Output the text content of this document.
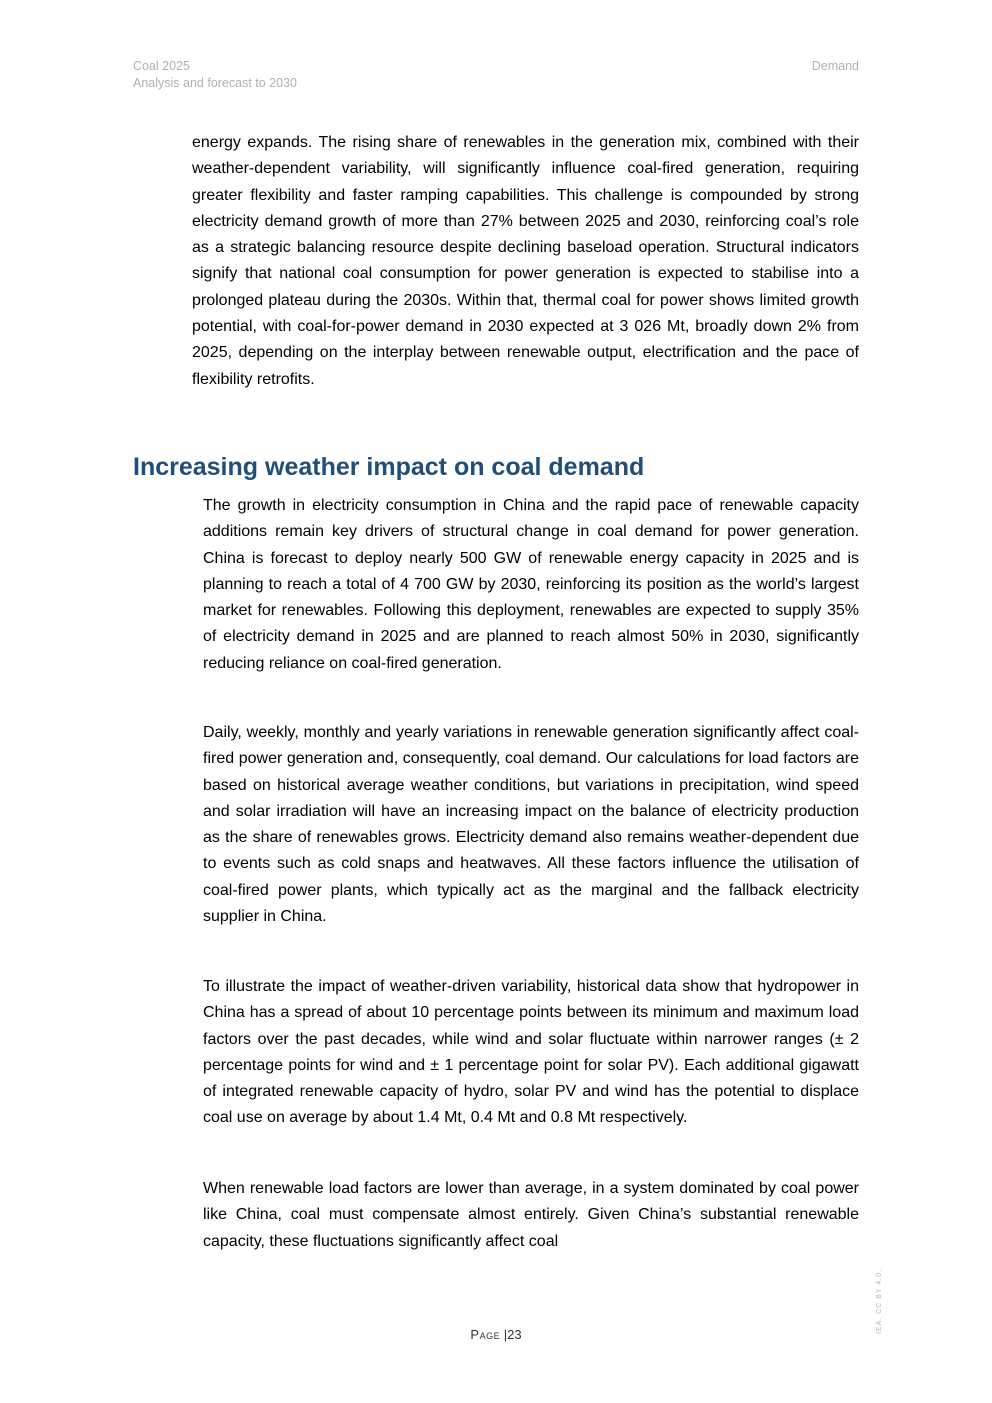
Coal 2025
Analysis and forecast to 2030
Demand

energy expands. The rising share of renewables in the generation mix, combined with their weather-dependent variability, will significantly influence coal-fired generation, requiring greater flexibility and faster ramping capabilities. This challenge is compounded by strong electricity demand growth of more than 27% between 2025 and 2030, reinforcing coal’s role as a strategic balancing resource despite declining baseload operation. Structural indicators signify that national coal consumption for power generation is expected to stabilise into a prolonged plateau during the 2030s. Within that, thermal coal for power shows limited growth potential, with coal-for-power demand in 2030 expected at 3 026 Mt, broadly down 2% from 2025, depending on the interplay between renewable output, electrification and the pace of flexibility retrofits.

Increasing weather impact on coal demand

The growth in electricity consumption in China and the rapid pace of renewable capacity additions remain key drivers of structural change in coal demand for power generation. China is forecast to deploy nearly 500 GW of renewable energy capacity in 2025 and is planning to reach a total of 4 700 GW by 2030, reinforcing its position as the world’s largest market for renewables. Following this deployment, renewables are expected to supply 35% of electricity demand in 2025 and are planned to reach almost 50% in 2030, significantly reducing reliance on coal-fired generation.

Daily, weekly, monthly and yearly variations in renewable generation significantly affect coal-fired power generation and, consequently, coal demand. Our calculations for load factors are based on historical average weather conditions, but variations in precipitation, wind speed and solar irradiation will have an increasing impact on the balance of electricity production as the share of renewables grows. Electricity demand also remains weather-dependent due to events such as cold snaps and heatwaves. All these factors influence the utilisation of coal-fired power plants, which typically act as the marginal and the fallback electricity supplier in China.

To illustrate the impact of weather-driven variability, historical data show that hydropower in China has a spread of about 10 percentage points between its minimum and maximum load factors over the past decades, while wind and solar fluctuate within narrower ranges (± 2 percentage points for wind and ± 1 percentage point for solar PV). Each additional gigawatt of integrated renewable capacity of hydro, solar PV and wind has the potential to displace coal use on average by about 1.4 Mt, 0.4 Mt and 0.8 Mt respectively.

When renewable load factors are lower than average, in a system dominated by coal power like China, coal must compensate almost entirely. Given China’s substantial renewable capacity, these fluctuations significantly affect coal

IEA. CC BY 4.0.
Page |23
